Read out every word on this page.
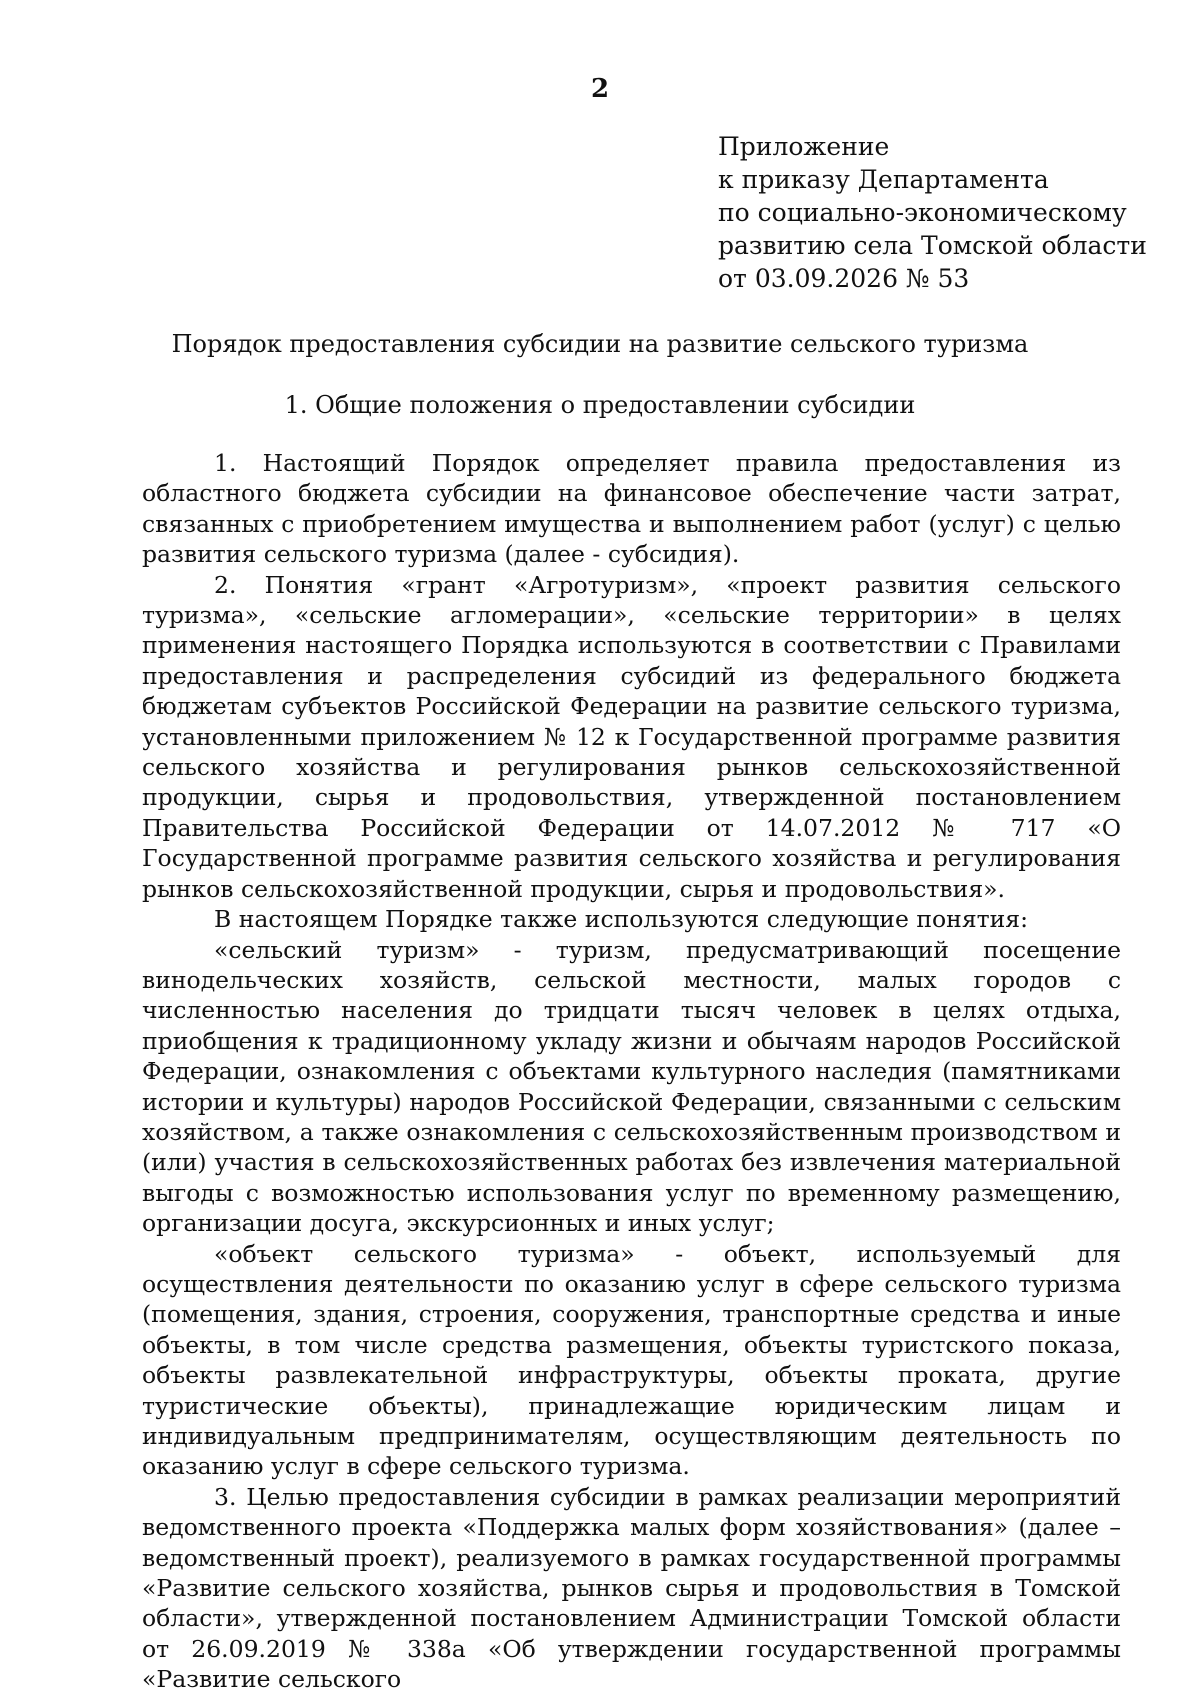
2
Приложение
к приказу Департамента
по социально-экономическому
развитию села Томской области
от 03.09.2026 № 53
Порядок предоставления субсидии на развитие сельского туризма
1. Общие положения о предоставлении субсидии

1. Настоящий Порядок определяет правила предоставления из областного бюджета субсидии на финансовое обеспечение части затрат, связанных с приобретением имущества и выполнением работ (услуг) с целью развития сельского туризма (далее - субсидия).

2. Понятия «грант «Агротуризм», «проект развития сельского туризма», «сельские агломерации», «сельские территории» в целях применения настоящего Порядка используются в соответствии с Правилами предоставления и распределения субсидий из федерального бюджета бюджетам субъектов Российской Федерации на развитие сельского туризма, установленными приложением № 12 к Государственной программе развития сельского хозяйства и регулирования рынков сельскохозяйственной продукции, сырья и продовольствия, утвержденной постановлением Правительства Российской Федерации от 14.07.2012 № 717 «О Государственной программе развития сельского хозяйства и регулирования рынков сельскохозяйственной продукции, сырья и продовольствия».

В настоящем Порядке также используются следующие понятия:

«сельский туризм» - туризм, предусматривающий посещение винодельческих хозяйств, сельской местности, малых городов с численностью населения до тридцати тысяч человек в целях отдыха, приобщения к традиционному укладу жизни и обычаям народов Российской Федерации, ознакомления с объектами культурного наследия (памятниками истории и культуры) народов Российской Федерации, связанными с сельским хозяйством, а также ознакомления с сельскохозяйственным производством и (или) участия в сельскохозяйственных работах без извлечения материальной выгоды с возможностью использования услуг по временному размещению, организации досуга, экскурсионных и иных услуг;

«объект сельского туризма» - объект, используемый для осуществления деятельности по оказанию услуг в сфере сельского туризма (помещения, здания, строения, сооружения, транспортные средства и иные объекты, в том числе средства размещения, объекты туристского показа, объекты развлекательной инфраструктуры, объекты проката, другие туристические объекты), принадлежащие юридическим лицам и индивидуальным предпринимателям, осуществляющим деятельность по оказанию услуг в сфере сельского туризма.

3. Целью предоставления субсидии в рамках реализации мероприятий ведомственного проекта «Поддержка малых форм хозяйствования» (далее – ведомственный проект), реализуемого в рамках государственной программы «Развитие сельского хозяйства, рынков сырья и продовольствия в Томской области», утвержденной постановлением Администрации Томской области от 26.09.2019 № 338а «Об утверждении государственной программы «Развитие сельского
